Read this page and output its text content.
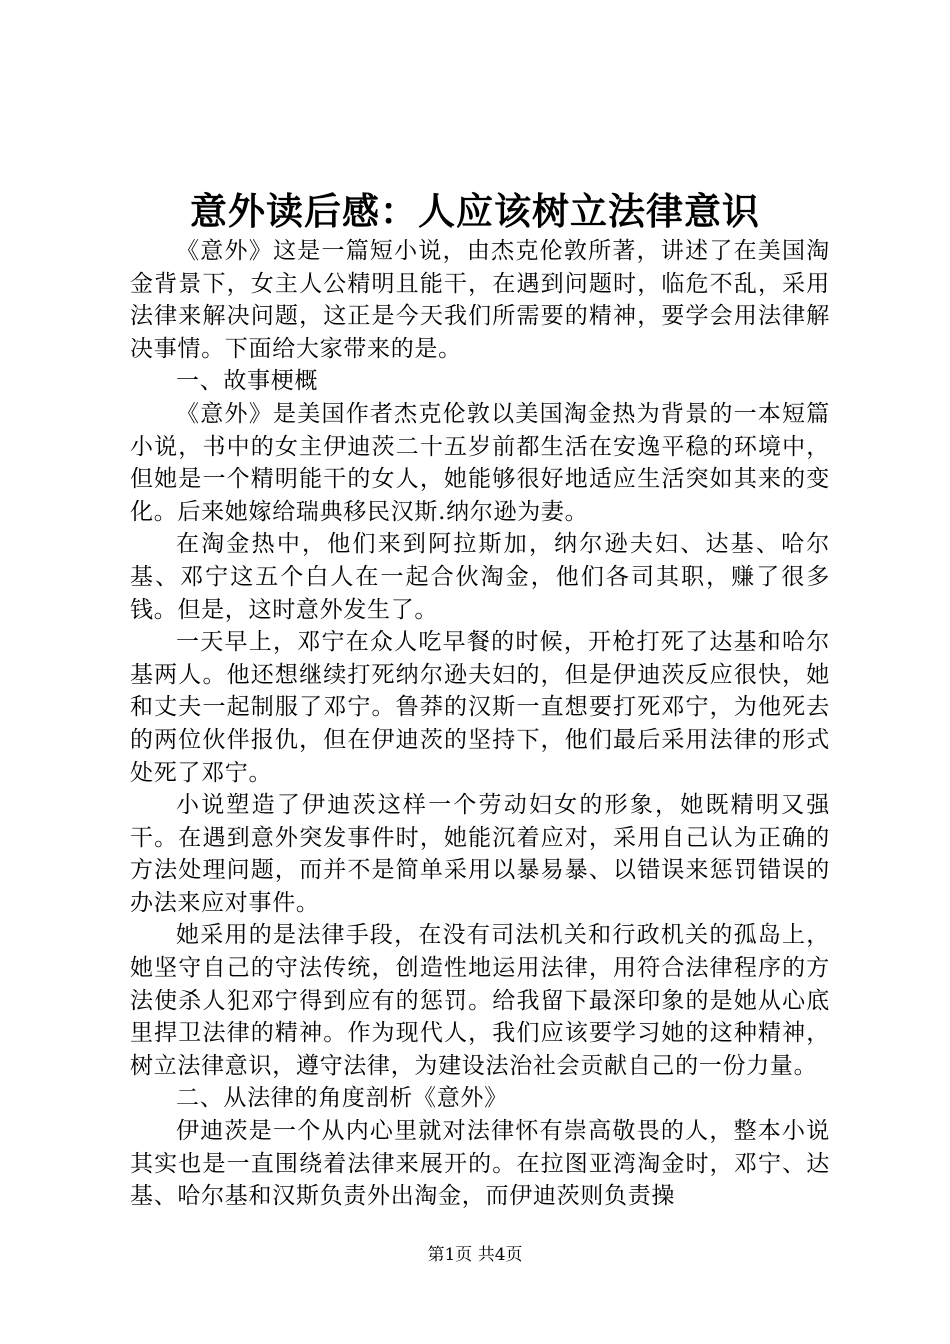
意外读后感：人应该树立法律意识

《意外》这是一篇短小说，由杰克伦敦所著，讲述了在美国淘金背景下，女主人公精明且能干，在遇到问题时，临危不乱，采用法律来解决问题，这正是今天我们所需要的精神，要学会用法律解决事情。下面给大家带来的是。

一、故事梗概

《意外》是美国作者杰克伦敦以美国淘金热为背景的一本短篇小说，书中的女主伊迪茨二十五岁前都生活在安逸平稳的环境中，但她是一个精明能干的女人，她能够很好地适应生活突如其来的变化。后来她嫁给瑞典移民汉斯.纳尔逊为妻。

在淘金热中，他们来到阿拉斯加，纳尔逊夫妇、达基、哈尔基、邓宁这五个白人在一起合伙淘金，他们各司其职，赚了很多钱。但是，这时意外发生了。

一天早上，邓宁在众人吃早餐的时候，开枪打死了达基和哈尔基两人。他还想继续打死纳尔逊夫妇的，但是伊迪茨反应很快，她和丈夫一起制服了邓宁。鲁莽的汉斯一直想要打死邓宁，为他死去的两位伙伴报仇，但在伊迪茨的坚持下，他们最后采用法律的形式处死了邓宁。

小说塑造了伊迪茨这样一个劳动妇女的形象，她既精明又强干。在遇到意外突发事件时，她能沉着应对，采用自己认为正确的方法处理问题，而并不是简单采用以暴易暴、以错误来惩罚错误的办法来应对事件。

她采用的是法律手段，在没有司法机关和行政机关的孤岛上，她坚守自己的守法传统，创造性地运用法律，用符合法律程序的方法使杀人犯邓宁得到应有的惩罚。给我留下最深印象的是她从心底里捍卫法律的精神。作为现代人，我们应该要学习她的这种精神，树立法律意识，遵守法律，为建设法治社会贡献自己的一份力量。

二、从法律的角度剖析《意外》

伊迪茨是一个从内心里就对法律怀有崇高敬畏的人，整本小说其实也是一直围绕着法律来展开的。在拉图亚湾淘金时，邓宁、达基、哈尔基和汉斯负责外出淘金，而伊迪茨则负责操

第1页 共4页
